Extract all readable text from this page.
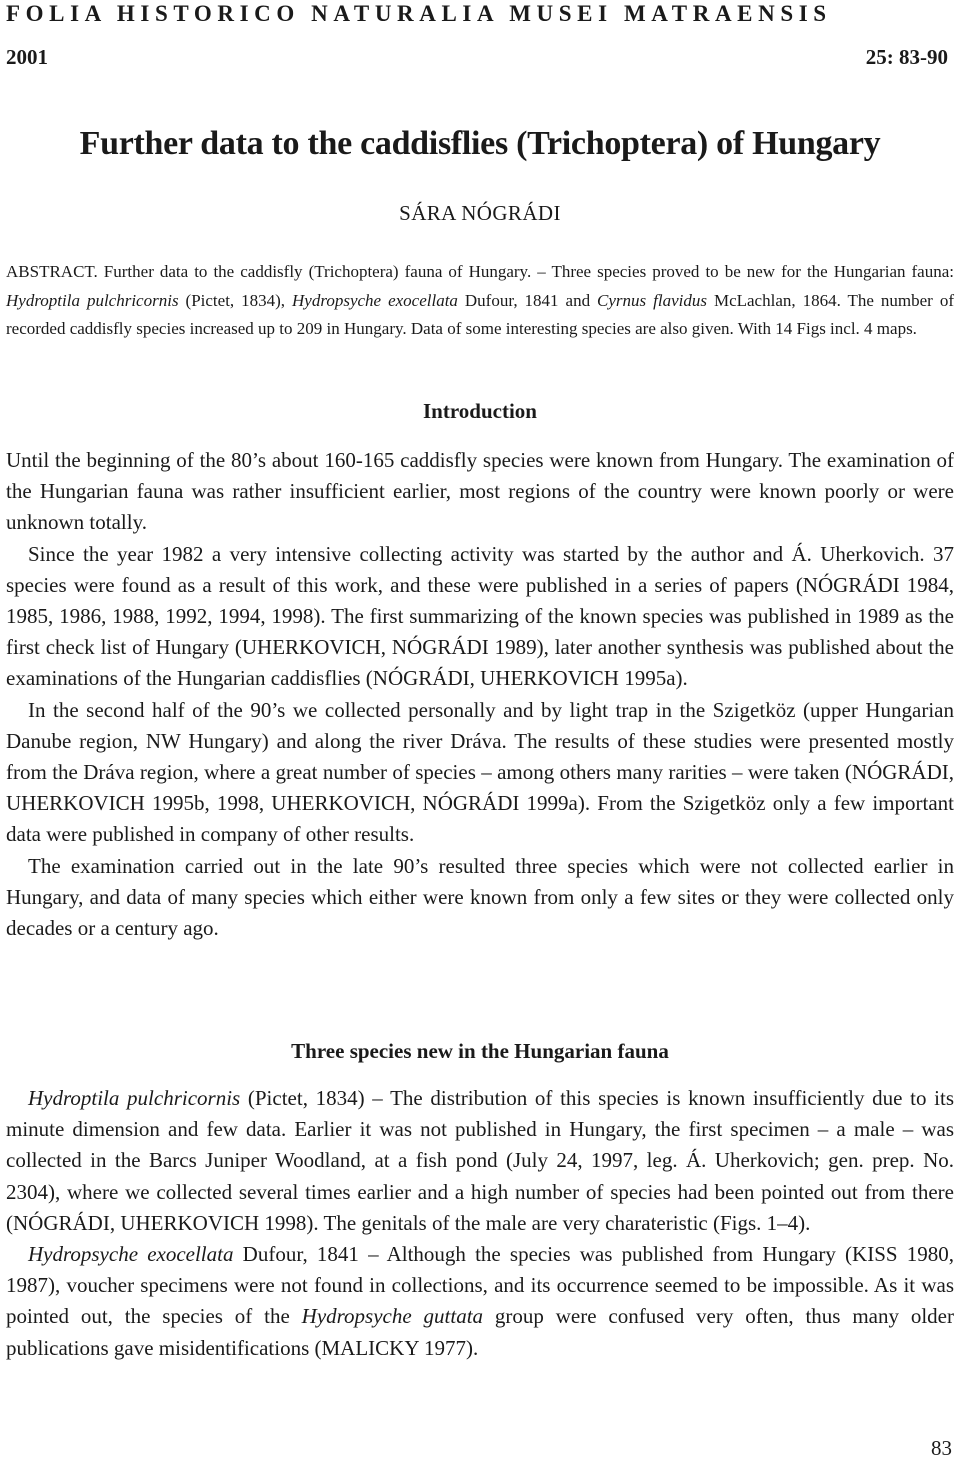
FOLIA HISTORICO NATURALIA MUSEI MATRAENSIS
2001	25: 83-90
Further data to the caddisflies (Trichoptera) of Hungary
SÁRA NÓGRÁDI
ABSTRACT. Further data to the caddisfly (Trichoptera) fauna of Hungary. – Three species proved to be new for the Hungarian fauna: Hydroptila pulchricornis (Pictet, 1834), Hydropsyche exocellata Dufour, 1841 and Cyrnus flavidus McLachlan, 1864. The number of recorded caddisfly species increased up to 209 in Hungary. Data of some interesting species are also given. With 14 Figs incl. 4 maps.
Introduction

Until the beginning of the 80’s about 160-165 caddisfly species were known from Hungary. The examination of the Hungarian fauna was rather insufficient earlier, most regions of the country were known poorly or were unknown totally.

Since the year 1982 a very intensive collecting activity was started by the author and Á. Uherkovich. 37 species were found as a result of this work, and these were published in a series of papers (NÓGRÁDI 1984, 1985, 1986, 1988, 1992, 1994, 1998). The first summarizing of the known species was published in 1989 as the first check list of Hungary (UHERKOVICH, NÓGRÁDI 1989), later another synthesis was published about the examinations of the Hungarian caddisflies (NÓGRÁDI, UHERKOVICH 1995a).

In the second half of the 90’s we collected personally and by light trap in the Szigetköz (upper Hungarian Danube region, NW Hungary) and along the river Dráva. The results of these studies were presented mostly from the Dráva region, where a great number of species – among others many rarities – were taken (NÓGRÁDI, UHERKOVICH 1995b, 1998, UHERKOVICH, NÓGRÁDI 1999a). From the Szigetköz only a few important data were published in company of other results.

The examination carried out in the late 90’s resulted three species which were not collected earlier in Hungary, and data of many species which either were known from only a few sites or they were collected only decades or a century ago.

Three species new in the Hungarian fauna

Hydroptila pulchricornis (Pictet, 1834) – The distribution of this species is known insufficiently due to its minute dimension and few data. Earlier it was not published in Hungary, the first specimen – a male – was collected in the Barcs Juniper Woodland, at a fish pond (July 24, 1997, leg. Á. Uherkovich; gen. prep. No. 2304), where we collected several times earlier and a high number of species had been pointed out from there (NÓGRÁDI, UHERKOVICH 1998). The genitals of the male are very charateristic (Figs. 1–4).

Hydropsyche exocellata Dufour, 1841 – Although the species was published from Hungary (KISS 1980, 1987), voucher specimens were not found in collections, and its occurrence seemed to be impossible. As it was pointed out, the species of the Hydropsyche guttata group were confused very often, thus many older publications gave misidentifications (MALICKY 1977).

83
